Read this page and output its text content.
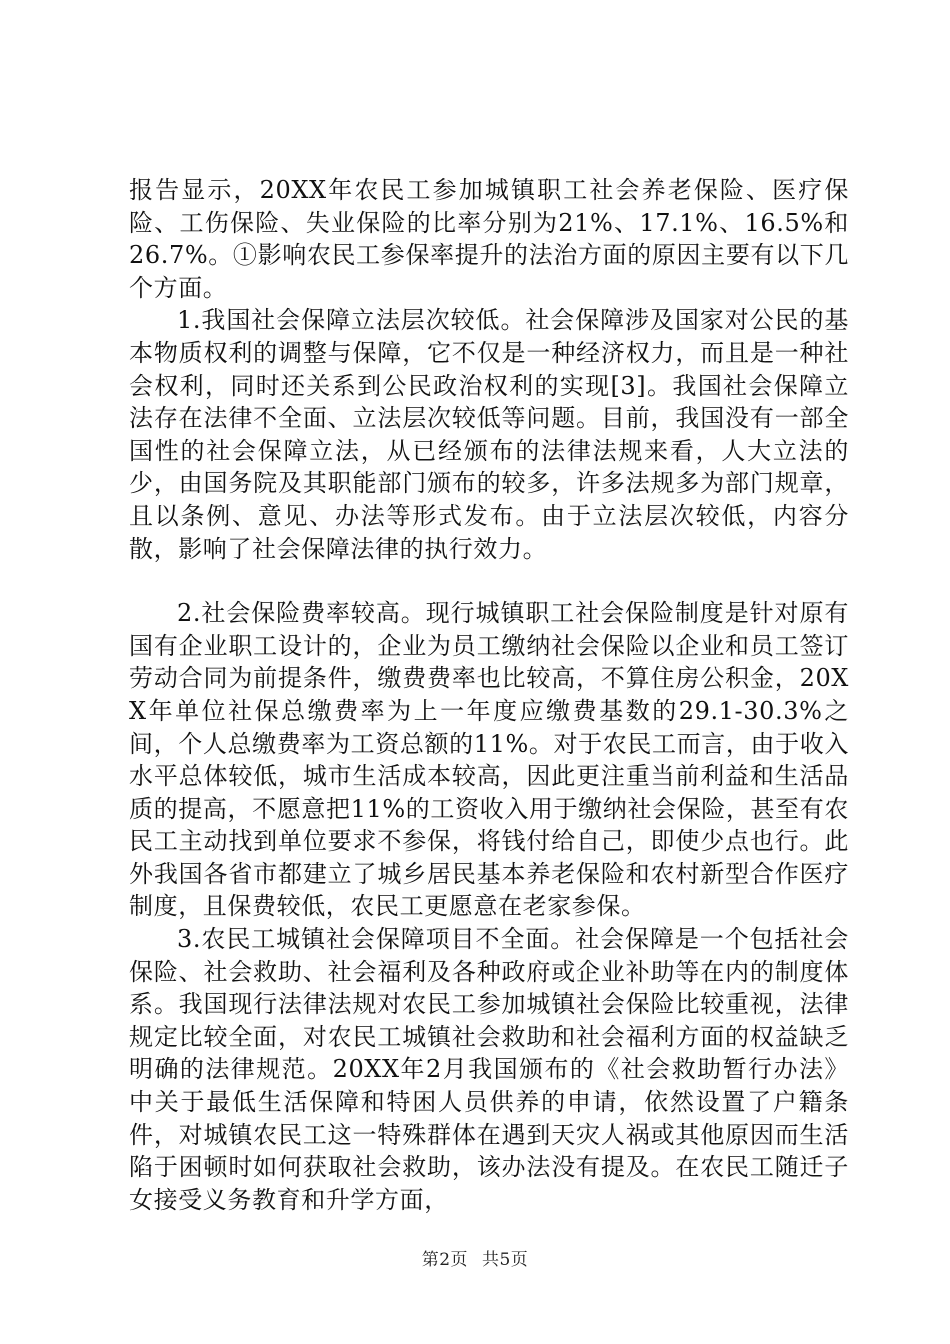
报告显示，20XX年农民工参加城镇职工社会养老保险、医疗保险、工伤保险、失业保险的比率分别为21%、17.1%、16.5%和26.7%。①影响农民工参保率提升的法治方面的原因主要有以下几个方面。

1.我国社会保障立法层次较低。社会保障涉及国家对公民的基本物质权利的调整与保障，它不仅是一种经济权力，而且是一种社会权利，同时还关系到公民政治权利的实现[3]。我国社会保障立法存在法律不全面、立法层次较低等问题。目前，我国没有一部全国性的社会保障立法，从已经颁布的法律法规来看，人大立法的少，由国务院及其职能部门颁布的较多，许多法规多为部门规章，且以条例、意见、办法等形式发布。由于立法层次较低，内容分散，影响了社会保障法律的执行效力。

2.社会保险费率较高。现行城镇职工社会保险制度是针对原有国有企业职工设计的，企业为员工缴纳社会保险以企业和员工签订劳动合同为前提条件，缴费费率也比较高，不算住房公积金，20XX年单位社保总缴费率为上一年度应缴费基数的29.1-30.3%之间，个人总缴费率为工资总额的11%。对于农民工而言，由于收入水平总体较低，城市生活成本较高，因此更注重当前利益和生活品质的提高，不愿意把11%的工资收入用于缴纳社会保险，甚至有农民工主动找到单位要求不参保，将钱付给自己，即使少点也行。此外我国各省市都建立了城乡居民基本养老保险和农村新型合作医疗制度，且保费较低，农民工更愿意在老家参保。

3.农民工城镇社会保障项目不全面。社会保障是一个包括社会保险、社会救助、社会福利及各种政府或企业补助等在内的制度体系。我国现行法律法规对农民工参加城镇社会保险比较重视，法律规定比较全面，对农民工城镇社会救助和社会福利方面的权益缺乏明确的法律规范。20XX年2月我国颁布的《社会救助暂行办法》中关于最低生活保障和特困人员供养的申请，依然设置了户籍条件，对城镇农民工这一特殊群体在遇到天灾人祸或其他原因而生活陷于困顿时如何获取社会救助，该办法没有提及。在农民工随迁子女接受义务教育和升学方面，

第2页 共5页
